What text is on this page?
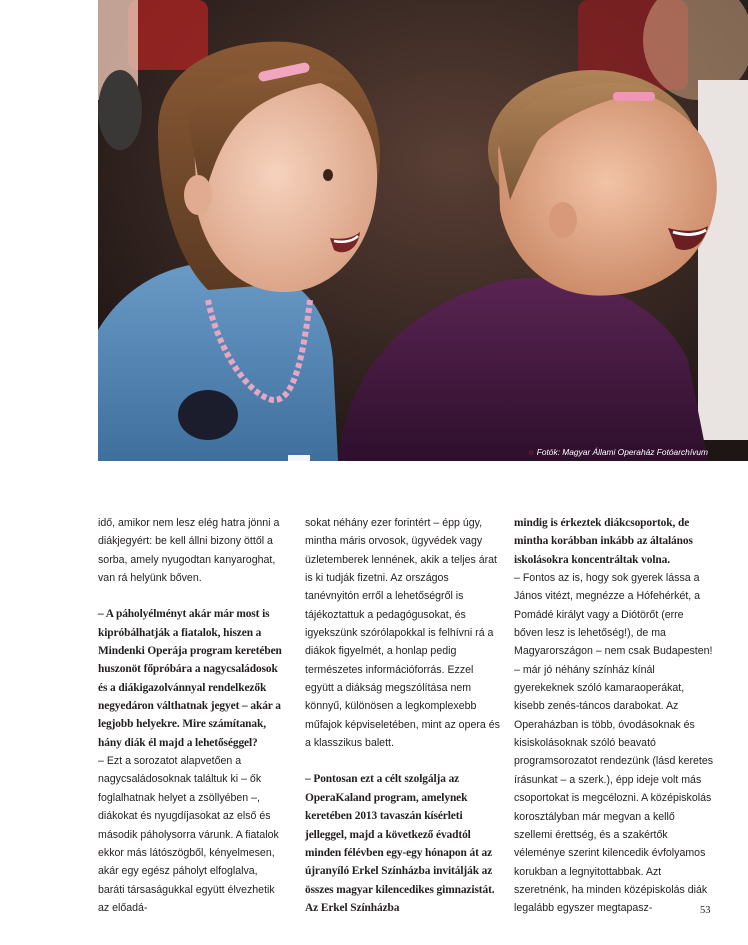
○ Fotók: Magyar Állami Operaház Fotóarchívum

idő, amikor nem lesz elég hatra jönni a diákjegyért: be kell állni bizony öttől a sorba, amely nyugodtan kanyaroghat, van rá helyünk bőven.

– A páholyélményt akár már most is kipróbálhatják a fiatalok, hiszen a Mindenki Operája program keretében huszonöt főpróbára a nagycsaládosok és a diákigazolvánnyal rendelkezők negyedáron válthatnak jegyet – akár a legjobb helyekre. Mire számítanak, hány diák él majd a lehetőséggel?

– Ezt a sorozatot alapvetően a nagycsaládosoknak találtuk ki – ők foglalhatnak helyet a zsöllyében –, diákokat és nyugdíjasokat az első és második páholysorra várunk. A fiatalok ekkor más látószögből, kényelmesen, akár egy egész páholyt elfoglalva, baráti társaságukkal együtt élvezhetik az előadá-

sokat néhány ezer forintért – épp úgy, mintha máris orvosok, ügyvédek vagy üzletemberek lennének, akik a teljes árat is ki tudják fizetni. Az országos tanévnyitón erről a lehetőségről is tájékoztattuk a pedagógusokat, és igyekszünk szórólapokkal is felhívni rá a diákok figyelmét, a honlap pedig természetes információforrás. Ezzel együtt a diákság megszólítása nem könnyű, különösen a legkomplexebb műfajok képviseletében, mint az opera és a klasszikus balett.

– Pontosan ezt a célt szolgálja az OperaKaland program, amelynek keretében 2013 tavaszán kísérleti jelleggel, majd a következő évadtól minden félévben egy-egy hónapon át az újranyíló Erkel Színházba invitálják az összes magyar kilencedikes gimnazistát. Az Erkel Színházba

mindig is érkeztek diákcsoportok, de mintha korábban inkább az általános iskolásokra koncentráltak volna.

– Fontos az is, hogy sok gyerek lássa a János vitézt, megnézze a Hófehérkét, a Pomádé királyt vagy a Diótörőt (erre bőven lesz is lehetőség!), de ma Magyarországon – nem csak Budapesten! – már jó néhány színház kínál gyerekeknek szóló kamaraoperákat, kisebb zenés-táncos darabokat. Az Operaházban is több, óvodásoknak és kisiskolásoknak szóló beavató programsorozatot rendezünk (lásd keretes írásunkat – a szerk.), épp ideje volt más csoportokat is megcélozni. A középiskolás korosztályban már megvan a kellő szellemi érettség, és a szakértők véleménye szerint kilencedik évfolyamos korukban a legnyitottabbak. Azt szeretnénk, ha minden középiskolás diák legalább egyszer megtapasz-	53
